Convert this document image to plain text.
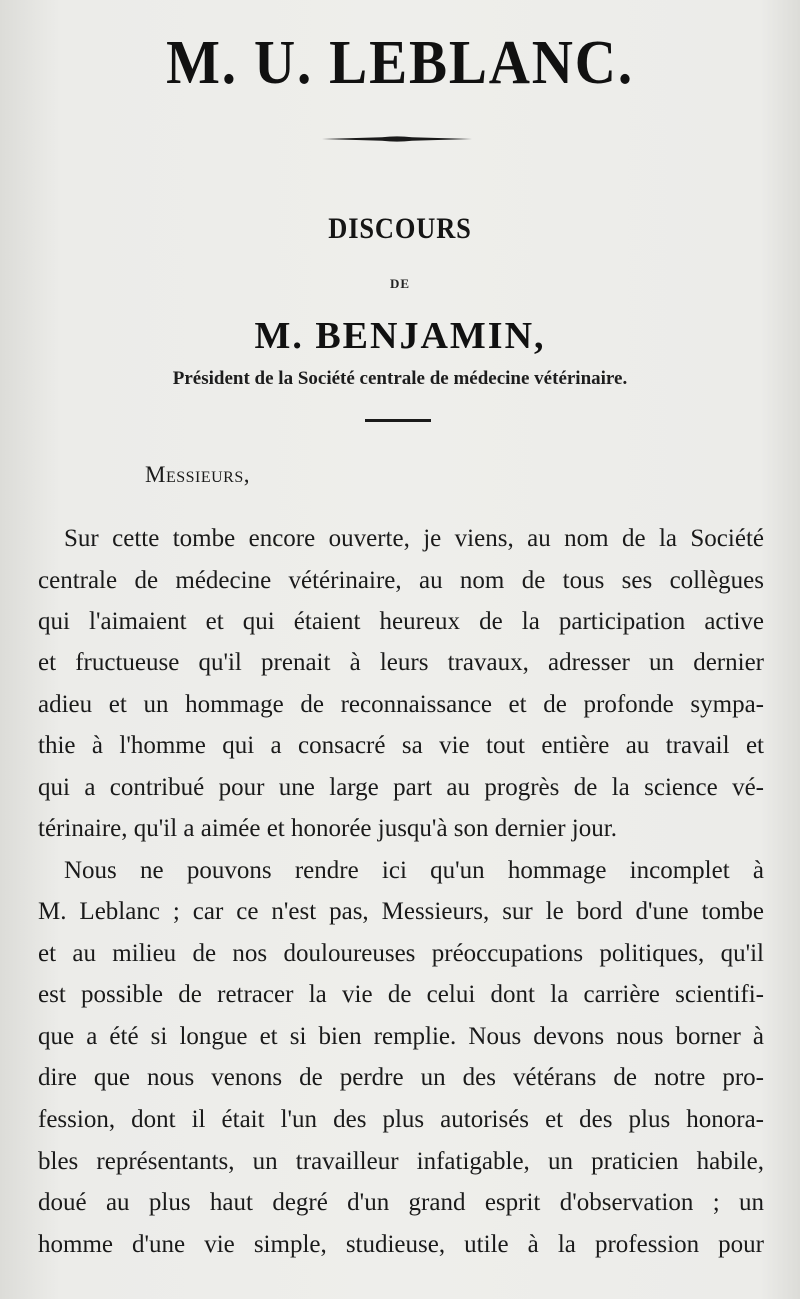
M. U. LEBLANC.
DISCOURS
DE
M. BENJAMIN,
Président de la Société centrale de médecine vétérinaire.
Messieurs,
Sur cette tombe encore ouverte, je viens, au nom de la Société
centrale de médecine vétérinaire, au nom de tous ses collègues
qui l'aimaient et qui étaient heureux de la participation active
et fructueuse qu'il prenait à leurs travaux, adresser un dernier
adieu et un hommage de reconnaissance et de profonde sympa-
thie à l'homme qui a consacré sa vie tout entière au travail et
qui a contribué pour une large part au progrès de la science vé-
térinaire, qu'il a aimée et honorée jusqu'à son dernier jour.
Nous ne pouvons rendre ici qu'un hommage incomplet à
M. Leblanc ; car ce n'est pas, Messieurs, sur le bord d'une tombe
et au milieu de nos douloureuses préoccupations politiques, qu'il
est possible de retracer la vie de celui dont la carrière scientifi-
que a été si longue et si bien remplie. Nous devons nous borner à
dire que nous venons de perdre un des vétérans de notre pro-
fession, dont il était l'un des plus autorisés et des plus honora-
bles représentants, un travailleur infatigable, un praticien habile,
doué au plus haut degré d'un grand esprit d'observation ; un
homme d'une vie simple, studieuse, utile à la profession pour
